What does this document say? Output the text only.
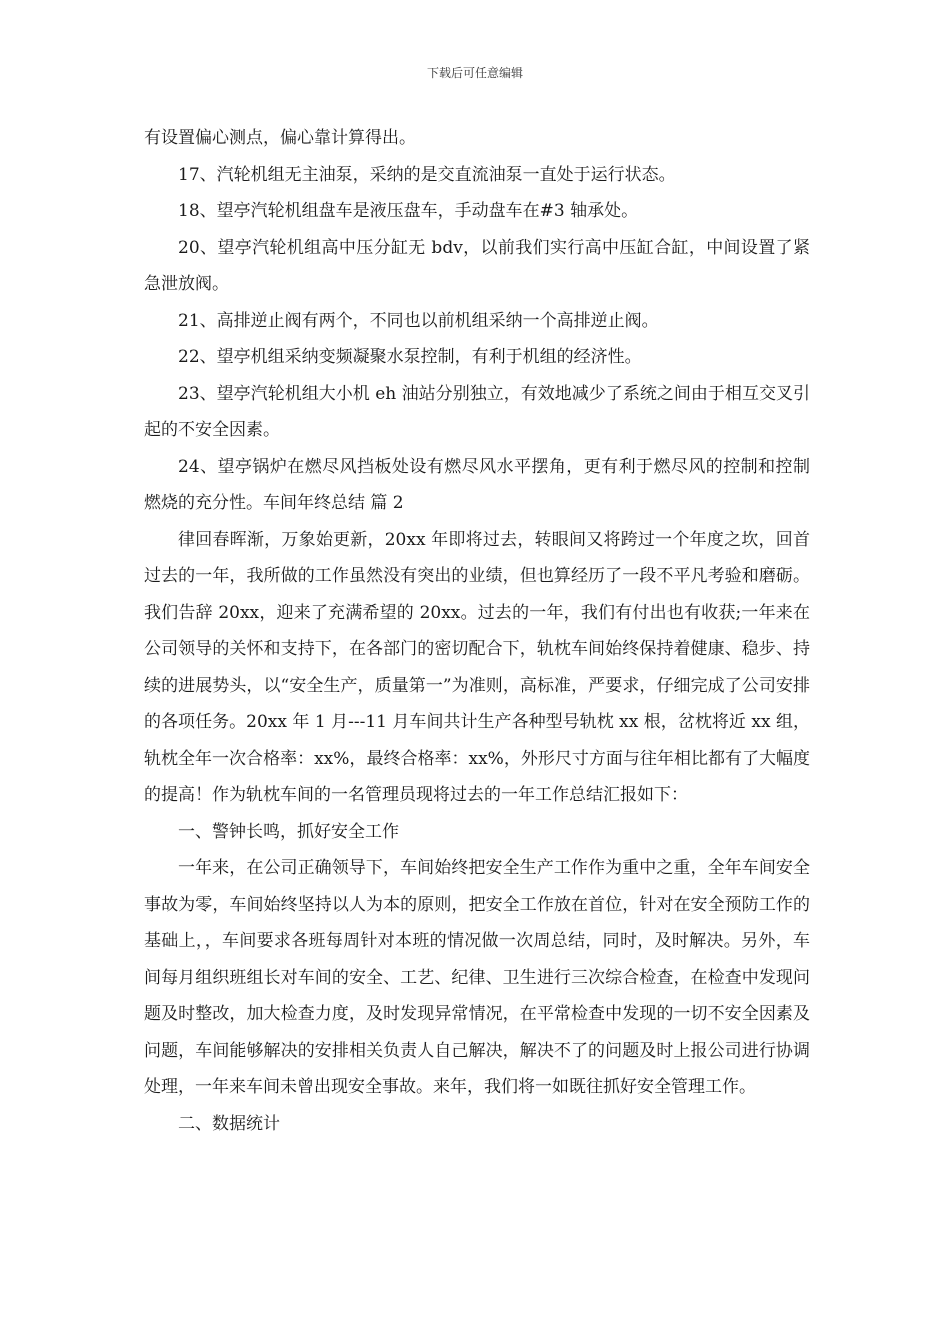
下载后可任意编辑

有设置偏心测点，偏心靠计算得出。

17、汽轮机组无主油泵，采纳的是交直流油泵一直处于运行状态。

18、望亭汽轮机组盘车是液压盘车，手动盘车在#3 轴承处。

20、望亭汽轮机组高中压分缸无 bdv，以前我们实行高中压缸合缸，中间设置了紧急泄放阀。

21、高排逆止阀有两个，不同也以前机组采纳一个高排逆止阀。

22、望亭机组采纳变频凝聚水泵控制，有利于机组的经济性。

23、望亭汽轮机组大小机 eh 油站分别独立，有效地减少了系统之间由于相互交叉引起的不安全因素。

24、望亭锅炉在燃尽风挡板处设有燃尽风水平摆角，更有利于燃尽风的控制和控制燃烧的充分性。车间年终总结 篇 2

律回春晖渐，万象始更新，20xx 年即将过去，转眼间又将跨过一个年度之坎，回首过去的一年，我所做的工作虽然没有突出的业绩，但也算经历了一段不平凡考验和磨砺。我们告辞 20xx，迎来了充满希望的 20xx。过去的一年，我们有付出也有收获;一年来在公司领导的关怀和支持下，在各部门的密切配合下，轨枕车间始终保持着健康、稳步、持续的进展势头，以“安全生产，质量第一”为准则，高标准，严要求，仔细完成了公司安排的各项任务。20xx 年 1 月---11 月车间共计生产各种型号轨枕 xx 根，岔枕将近 xx 组，轨枕全年一次合格率：xx%，最终合格率：xx%，外形尺寸方面与往年相比都有了大幅度的提高！作为轨枕车间的一名管理员现将过去的一年工作总结汇报如下：

一、警钟长鸣，抓好安全工作

一年来，在公司正确领导下，车间始终把安全生产工作作为重中之重，全年车间安全事故为零，车间始终坚持以人为本的原则，把安全工作放在首位，针对在安全预防工作的基础上，，车间要求各班每周针对本班的情况做一次周总结，同时，及时解决。另外，车间每月组织班组长对车间的安全、工艺、纪律、卫生进行三次综合检查，在检查中发现问题及时整改，加大检查力度，及时发现异常情况，在平常检查中发现的一切不安全因素及问题，车间能够解决的安排相关负责人自己解决，解决不了的问题及时上报公司进行协调处理，一年来车间未曾出现安全事故。来年，我们将一如既往抓好安全管理工作。

二、数据统计
